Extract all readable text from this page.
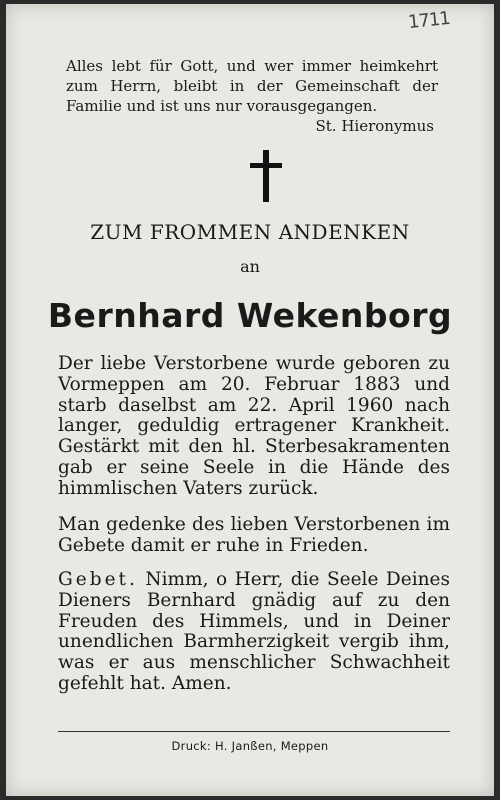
1711
Alles lebt für Gott, und wer immer heimkehrt zum Herrn, bleibt in der Gemeinschaft der Familie und ist uns nur vorausgegangen.
St. Hieronymus
ZUM FROMMEN ANDENKEN
an
Bernhard Wekenborg
Der liebe Verstorbene wurde geboren zu Vormeppen am 20. Februar 1883 und starb daselbst am 22. April 1960 nach langer, geduldig ertragener Krankheit. Gestärkt mit den hl. Sterbesakramenten gab er seine Seele in die Hände des himmlischen Vaters zurück.
Man gedenke des lieben Verstorbenen im Gebete damit er ruhe in Frieden.
Gebet. Nimm, o Herr, die Seele Deines Dieners Bernhard gnädig auf zu den Freuden des Himmels, und in Deiner unendlichen Barmherzigkeit vergib ihm, was er aus menschlicher Schwachheit gefehlt hat. Amen.
Druck: H. Janßen, Meppen
